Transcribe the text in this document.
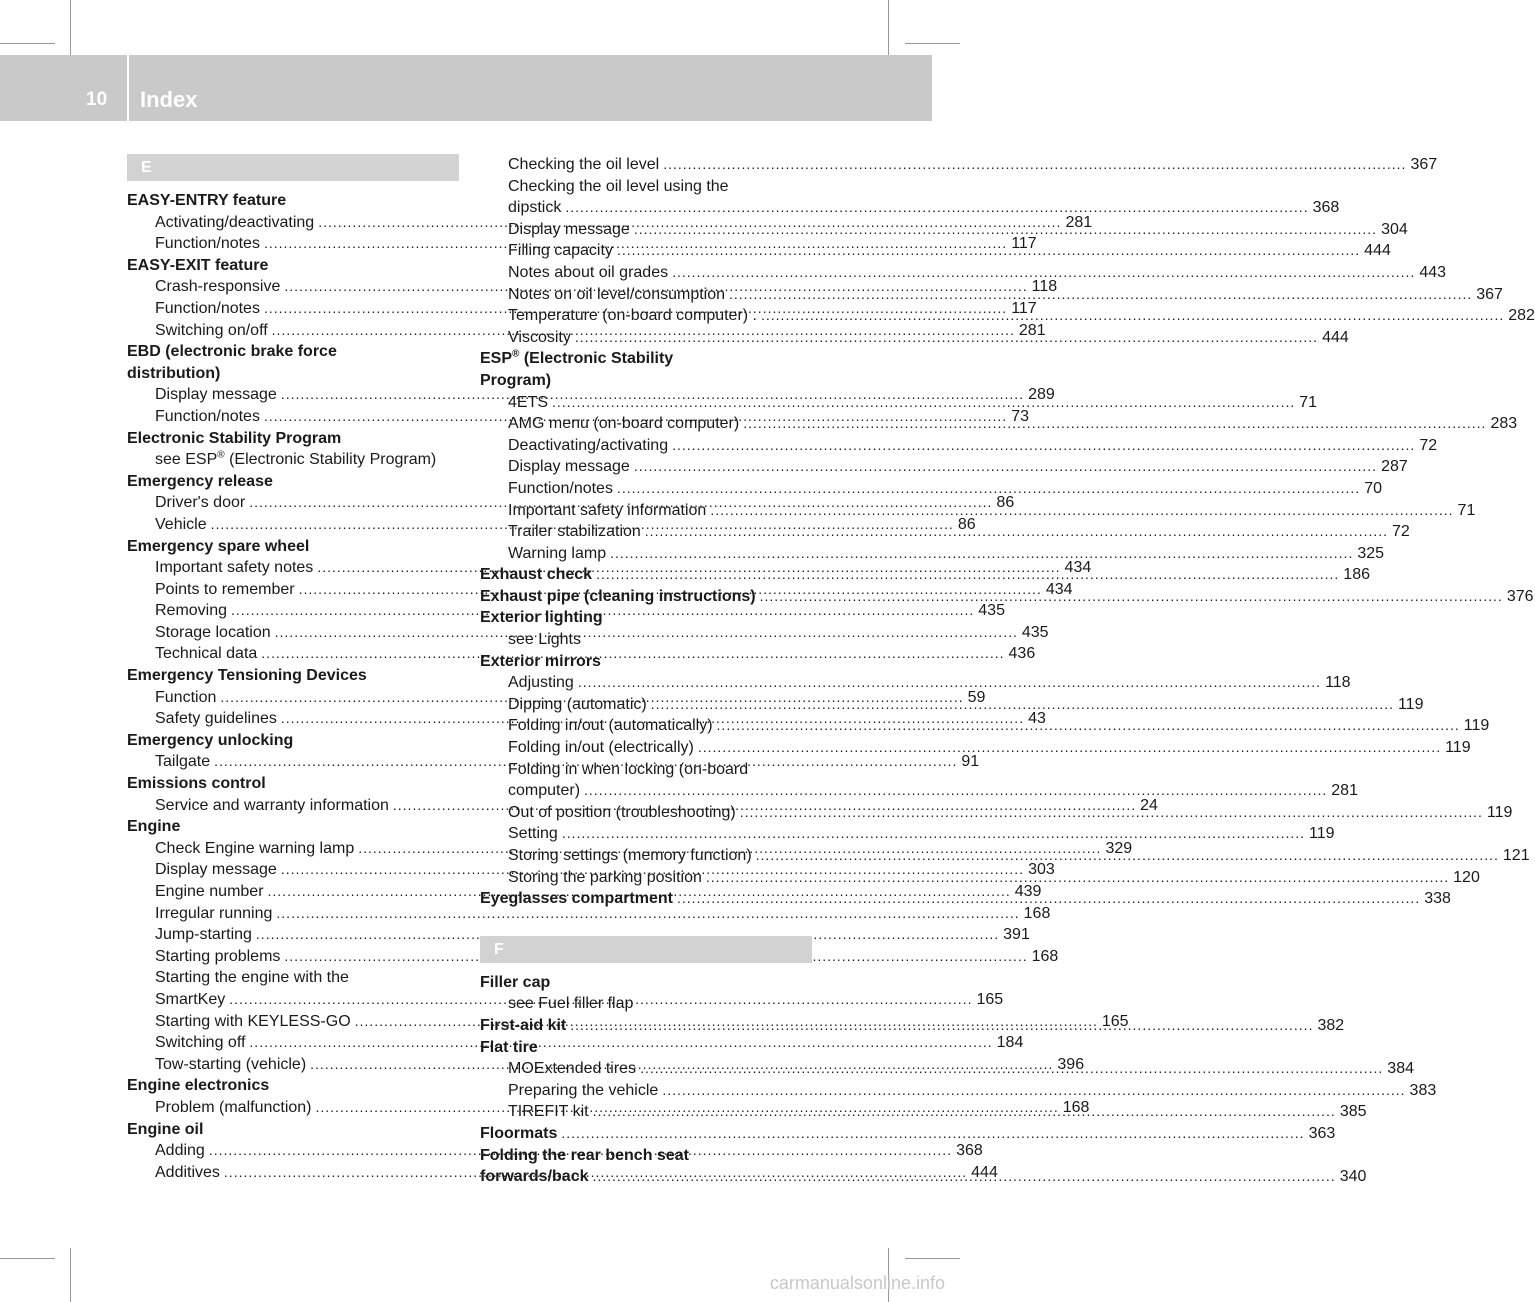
10 Index
E
EASY-ENTRY feature
Activating/deactivating .....	281
Function/notes .....	117
EASY-EXIT feature
Crash-responsive .....	118
Function/notes .....	117
Switching on/off .....	281
EBD (electronic brake force
distribution)
Display message .....	289
Function/notes .....	73
Electronic Stability Program
see ESP® (Electronic Stability Program)
Emergency release
Driver's door .....	86
Vehicle .....	86
Emergency spare wheel
Important safety notes .....	434
Points to remember .....	434
Removing .....	435
Storage location .....	435
Technical data .....	436
Emergency Tensioning Devices
Function .....	59
Safety guidelines .....	43
Emergency unlocking
Tailgate .....	91
Emissions control
Service and warranty information .....	24
Engine
Check Engine warning lamp .....	329
Display message .....	303
Engine number .....	439
Irregular running .....	168
Jump-starting .....	391
Starting problems .....	168
Starting the engine with the
SmartKey .....	165
Starting with KEYLESS-GO .....	165
Switching off .....	184
Tow-starting (vehicle) .....	396
Engine electronics
Problem (malfunction) .....	168
Engine oil
Adding .....	368
Additives .....	444
Checking the oil level .....	367
Checking the oil level using the
dipstick .....	368
Display message .....	304
Filling capacity .....	444
Notes about oil grades .....	443
Notes on oil level/consumption .....	367
Temperature (on-board computer) . .....	282
Viscosity .....	444
ESP® (Electronic Stability
Program)
4ETS .....	71
AMG menu (on-board computer) .....	283
Deactivating/activating .....	72
Display message .....	287
Function/notes .....	70
Important safety information .....	71
Trailer stabilization .....	72
Warning lamp .....	325
Exhaust check .....	186
Exhaust pipe (cleaning instructions) .....	376
Exterior lighting
see Lights
Exterior mirrors
Adjusting .....	118
Dipping (automatic) .....	119
Folding in/out (automatically) .....	119
Folding in/out (electrically) .....	119
Folding in when locking (on-board
computer) .....	281
Out of position (troubleshooting) .....	119
Setting .....	119
Storing settings (memory function) .....	121
Storing the parking position .....	120
Eyeglasses compartment .....	338
F
Filler cap
see Fuel filler flap
First-aid kit .....	382
Flat tire
MOExtended tires .....	384
Preparing the vehicle .....	383
TIREFIT kit .....	385
Floormats .....	363
Folding the rear bench seat
forwards/back .....	340
carmanualsonline.info
